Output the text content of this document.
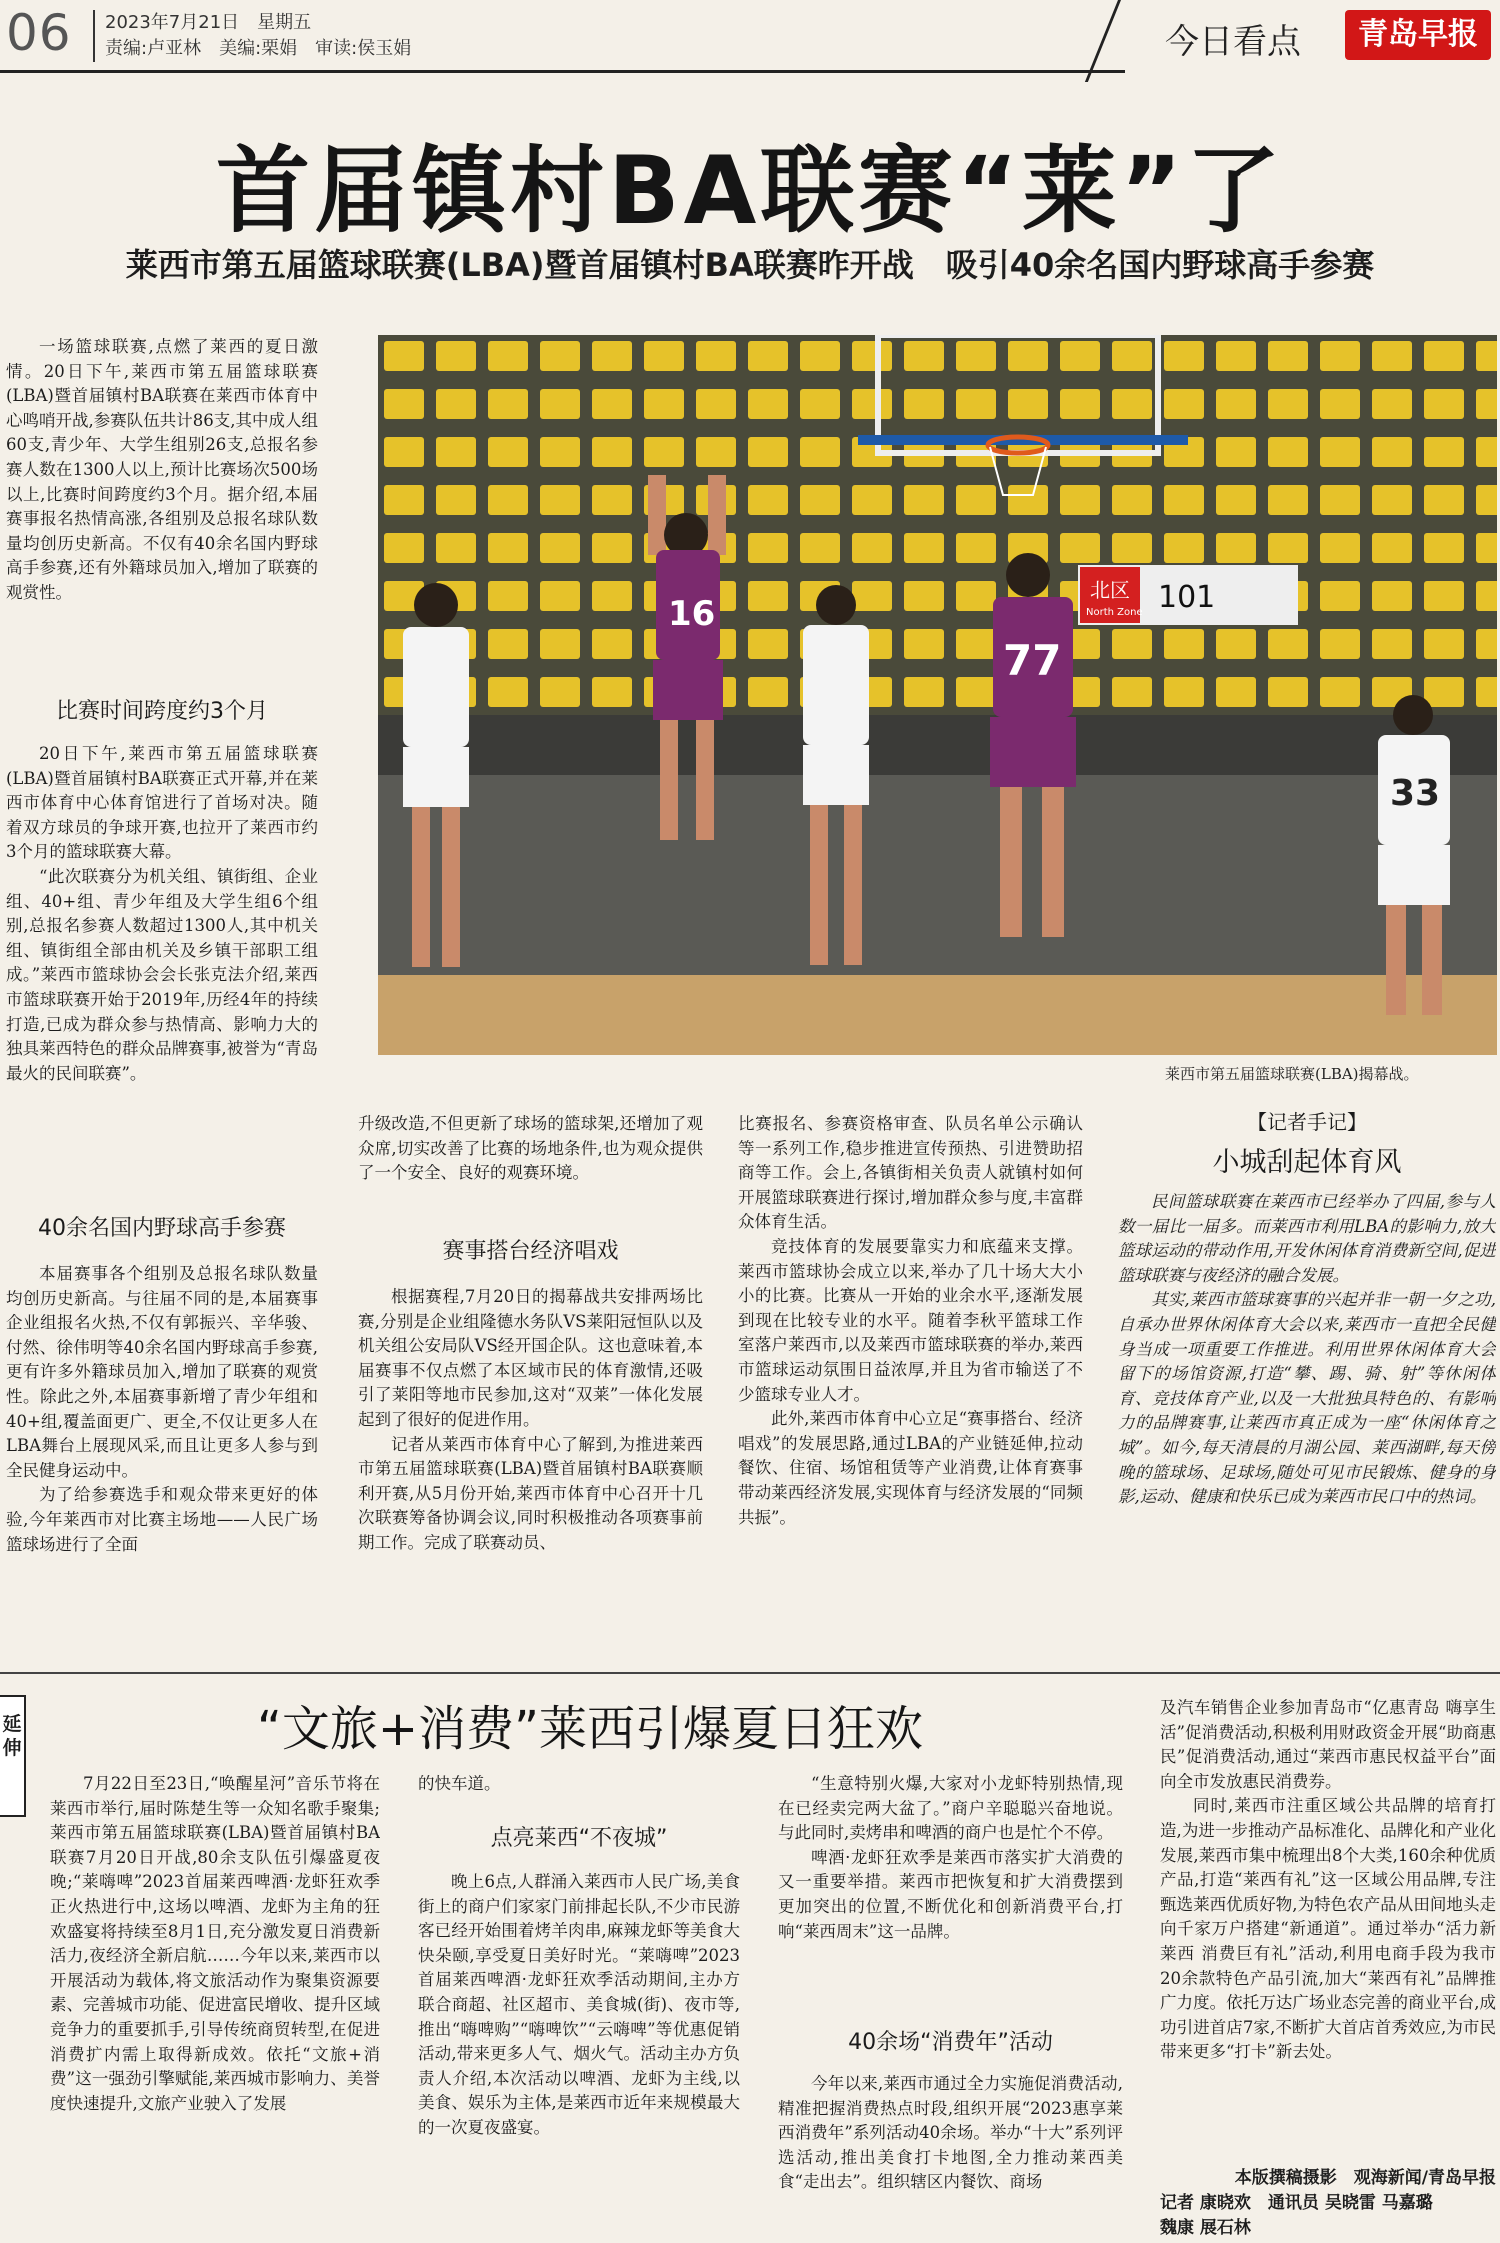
06 2023年7月21日　星期五
责编:卢亚林　美编:栗娟　审读:侯玉娟	今日看点	青岛早报
首届镇村BA联赛“莱”了
莱西市第五届篮球联赛(LBA)暨首届镇村BA联赛昨开战　吸引40余名国内野球高手参赛

一场篮球联赛,点燃了莱西的夏日激情。20日下午,莱西市第五届篮球联赛(LBA)暨首届镇村BA联赛在莱西市体育中心鸣哨开战,参赛队伍共计86支,其中成人组60支,青少年、大学生组别26支,总报名参赛人数在1300人以上,预计比赛场次500场以上,比赛时间跨度约3个月。据介绍,本届赛事报名热情高涨,各组别及总报名球队数量均创历史新高。不仅有40余名国内野球高手参赛,还有外籍球员加入,增加了联赛的观赏性。

比赛时间跨度约3个月

20日下午,莱西市第五届篮球联赛(LBA)暨首届镇村BA联赛正式开幕,并在莱西市体育中心体育馆进行了首场对决。随着双方球员的争球开赛,也拉开了莱西市约3个月的篮球联赛大幕。

“此次联赛分为机关组、镇街组、企业组、40+组、青少年组及大学生组6个组别,总报名参赛人数超过1300人,其中机关组、镇街组全部由机关及乡镇干部职工组成。”莱西市篮球协会会长张克法介绍,莱西市篮球联赛开始于2019年,历经4年的持续打造,已成为群众参与热情高、影响力大的独具莱西特色的群众品牌赛事,被誉为“青岛最火的民间联赛”。

40余名国内野球高手参赛

本届赛事各个组别及总报名球队数量均创历史新高。与往届不同的是,本届赛事企业组报名火热,不仅有郭振兴、辛华骏、付然、徐伟明等40余名国内野球高手参赛,更有许多外籍球员加入,增加了联赛的观赏性。除此之外,本届赛事新增了青少年组和40+组,覆盖面更广、更全,不仅让更多人在LBA舞台上展现风采,而且让更多人参与到全民健身运动中。

为了给参赛选手和观众带来更好的体验,今年莱西市对比赛主场地——人民广场篮球场进行了全面

北区
North Zone 101
16
77
33
莱西市第五届篮球联赛(LBA)揭幕战。

升级改造,不但更新了球场的篮球架,还增加了观众席,切实改善了比赛的场地条件,也为观众提供了一个安全、良好的观赛环境。

赛事搭台经济唱戏

根据赛程,7月20日的揭幕战共安排两场比赛,分别是企业组隆德水务队VS莱阳冠恒队以及机关组公安局队VS经开国企队。这也意味着,本届赛事不仅点燃了本区域市民的体育激情,还吸引了莱阳等地市民参加,这对“双莱”一体化发展起到了很好的促进作用。

记者从莱西市体育中心了解到,为推进莱西市第五届篮球联赛(LBA)暨首届镇村BA联赛顺利开赛,从5月份开始,莱西市体育中心召开十几次联赛筹备协调会议,同时积极推动各项赛事前期工作。完成了联赛动员、

比赛报名、参赛资格审查、队员名单公示确认等一系列工作,稳步推进宣传预热、引进赞助招商等工作。会上,各镇街相关负责人就镇村如何开展篮球联赛进行探讨,增加群众参与度,丰富群众体育生活。

竞技体育的发展要靠实力和底蕴来支撑。莱西市篮球协会成立以来,举办了几十场大大小小的比赛。比赛从一开始的业余水平,逐渐发展到现在比较专业的水平。随着李秋平篮球工作室落户莱西市,以及莱西市篮球联赛的举办,莱西市篮球运动氛围日益浓厚,并且为省市输送了不少篮球专业人才。

此外,莱西市体育中心立足“赛事搭台、经济唱戏”的发展思路,通过LBA的产业链延伸,拉动餐饮、住宿、场馆租赁等产业消费,让体育赛事带动莱西经济发展,实现体育与经济发展的“同频共振”。

【记者手记】
小城刮起体育风

民间篮球联赛在莱西市已经举办了四届,参与人数一届比一届多。而莱西市利用LBA的影响力,放大篮球运动的带动作用,开发休闲体育消费新空间,促进篮球联赛与夜经济的融合发展。

其实,莱西市篮球赛事的兴起并非一朝一夕之功,自承办世界休闲体育大会以来,莱西市一直把全民健身当成一项重要工作推进。利用世界休闲体育大会留下的场馆资源,打造“攀、踢、骑、射”等休闲体育、竞技体育产业,以及一大批独具特色的、有影响力的品牌赛事,让莱西市真正成为一座“休闲体育之城”。如今,每天清晨的月湖公园、莱西湖畔,每天傍晚的篮球场、足球场,随处可见市民锻炼、健身的身影,运动、健康和快乐已成为莱西市民口中的热词。

延伸	“文旅+消费”莱西引爆夏日狂欢

7月22日至23日,“唤醒星河”音乐节将在莱西市举行,届时陈楚生等一众知名歌手聚集;莱西市第五届篮球联赛(LBA)暨首届镇村BA联赛7月20日开战,80余支队伍引爆盛夏夜晚;“莱嗨啤”2023首届莱西啤酒·龙虾狂欢季正火热进行中,这场以啤酒、龙虾为主角的狂欢盛宴将持续至8月1日,充分激发夏日消费新活力,夜经济全新启航……今年以来,莱西市以开展活动为载体,将文旅活动作为聚集资源要素、完善城市功能、促进富民增收、提升区域竞争力的重要抓手,引导传统商贸转型,在促进消费扩内需上取得新成效。依托“文旅+消费”这一强劲引擎赋能,莱西城市影响力、美誉度快速提升,文旅产业驶入了发展

的快车道。

点亮莱西“不夜城”

晚上6点,人群涌入莱西市人民广场,美食街上的商户们家家门前排起长队,不少市民游客已经开始围着烤羊肉串,麻辣龙虾等美食大快朵颐,享受夏日美好时光。“莱嗨啤”2023首届莱西啤酒·龙虾狂欢季活动期间,主办方联合商超、社区超市、美食城(街)、夜市等,推出“嗨啤购”“嗨啤饮”“云嗨啤”等优惠促销活动,带来更多人气、烟火气。活动主办方负责人介绍,本次活动以啤酒、龙虾为主线,以美食、娱乐为主体,是莱西市近年来规模最大的一次夏夜盛宴。

“生意特别火爆,大家对小龙虾特别热情,现在已经卖完两大盆了。”商户辛聪聪兴奋地说。与此同时,卖烤串和啤酒的商户也是忙个不停。

啤酒·龙虾狂欢季是莱西市落实扩大消费的又一重要举措。莱西市把恢复和扩大消费摆到更加突出的位置,不断优化和创新消费平台,打响“莱西周末”这一品牌。

40余场“消费年”活动

今年以来,莱西市通过全力实施促消费活动,精准把握消费热点时段,组织开展“2023惠享莱西消费年”系列活动40余场。举办“十大”系列评选活动,推出美食打卡地图,全力推动莱西美食“走出去”。组织辖区内餐饮、商场

及汽车销售企业参加青岛市“亿惠青岛 嗨享生活”促消费活动,积极利用财政资金开展“助商惠民”促消费活动,通过“莱西市惠民权益平台”面向全市发放惠民消费券。

同时,莱西市注重区域公共品牌的培育打造,为进一步推动产品标准化、品牌化和产业化发展,莱西市集中梳理出8个大类,160余种优质产品,打造“莱西有礼”这一区域公用品牌,专注甄选莱西优质好物,为特色农产品从田间地头走向千家万户搭建“新通道”。通过举办“活力新莱西 消费巨有礼”活动,利用电商手段为我市20余款特色产品引流,加大“莱西有礼”品牌推广力度。依托万达广场业态完善的商业平台,成功引进首店7家,不断扩大首店首秀效应,为市民带来更多“打卡”新去处。

本版撰稿摄影　观海新闻/青岛早报
记者 康晓欢　通讯员 吴晓雷 马嘉璐
魏康 展石林
